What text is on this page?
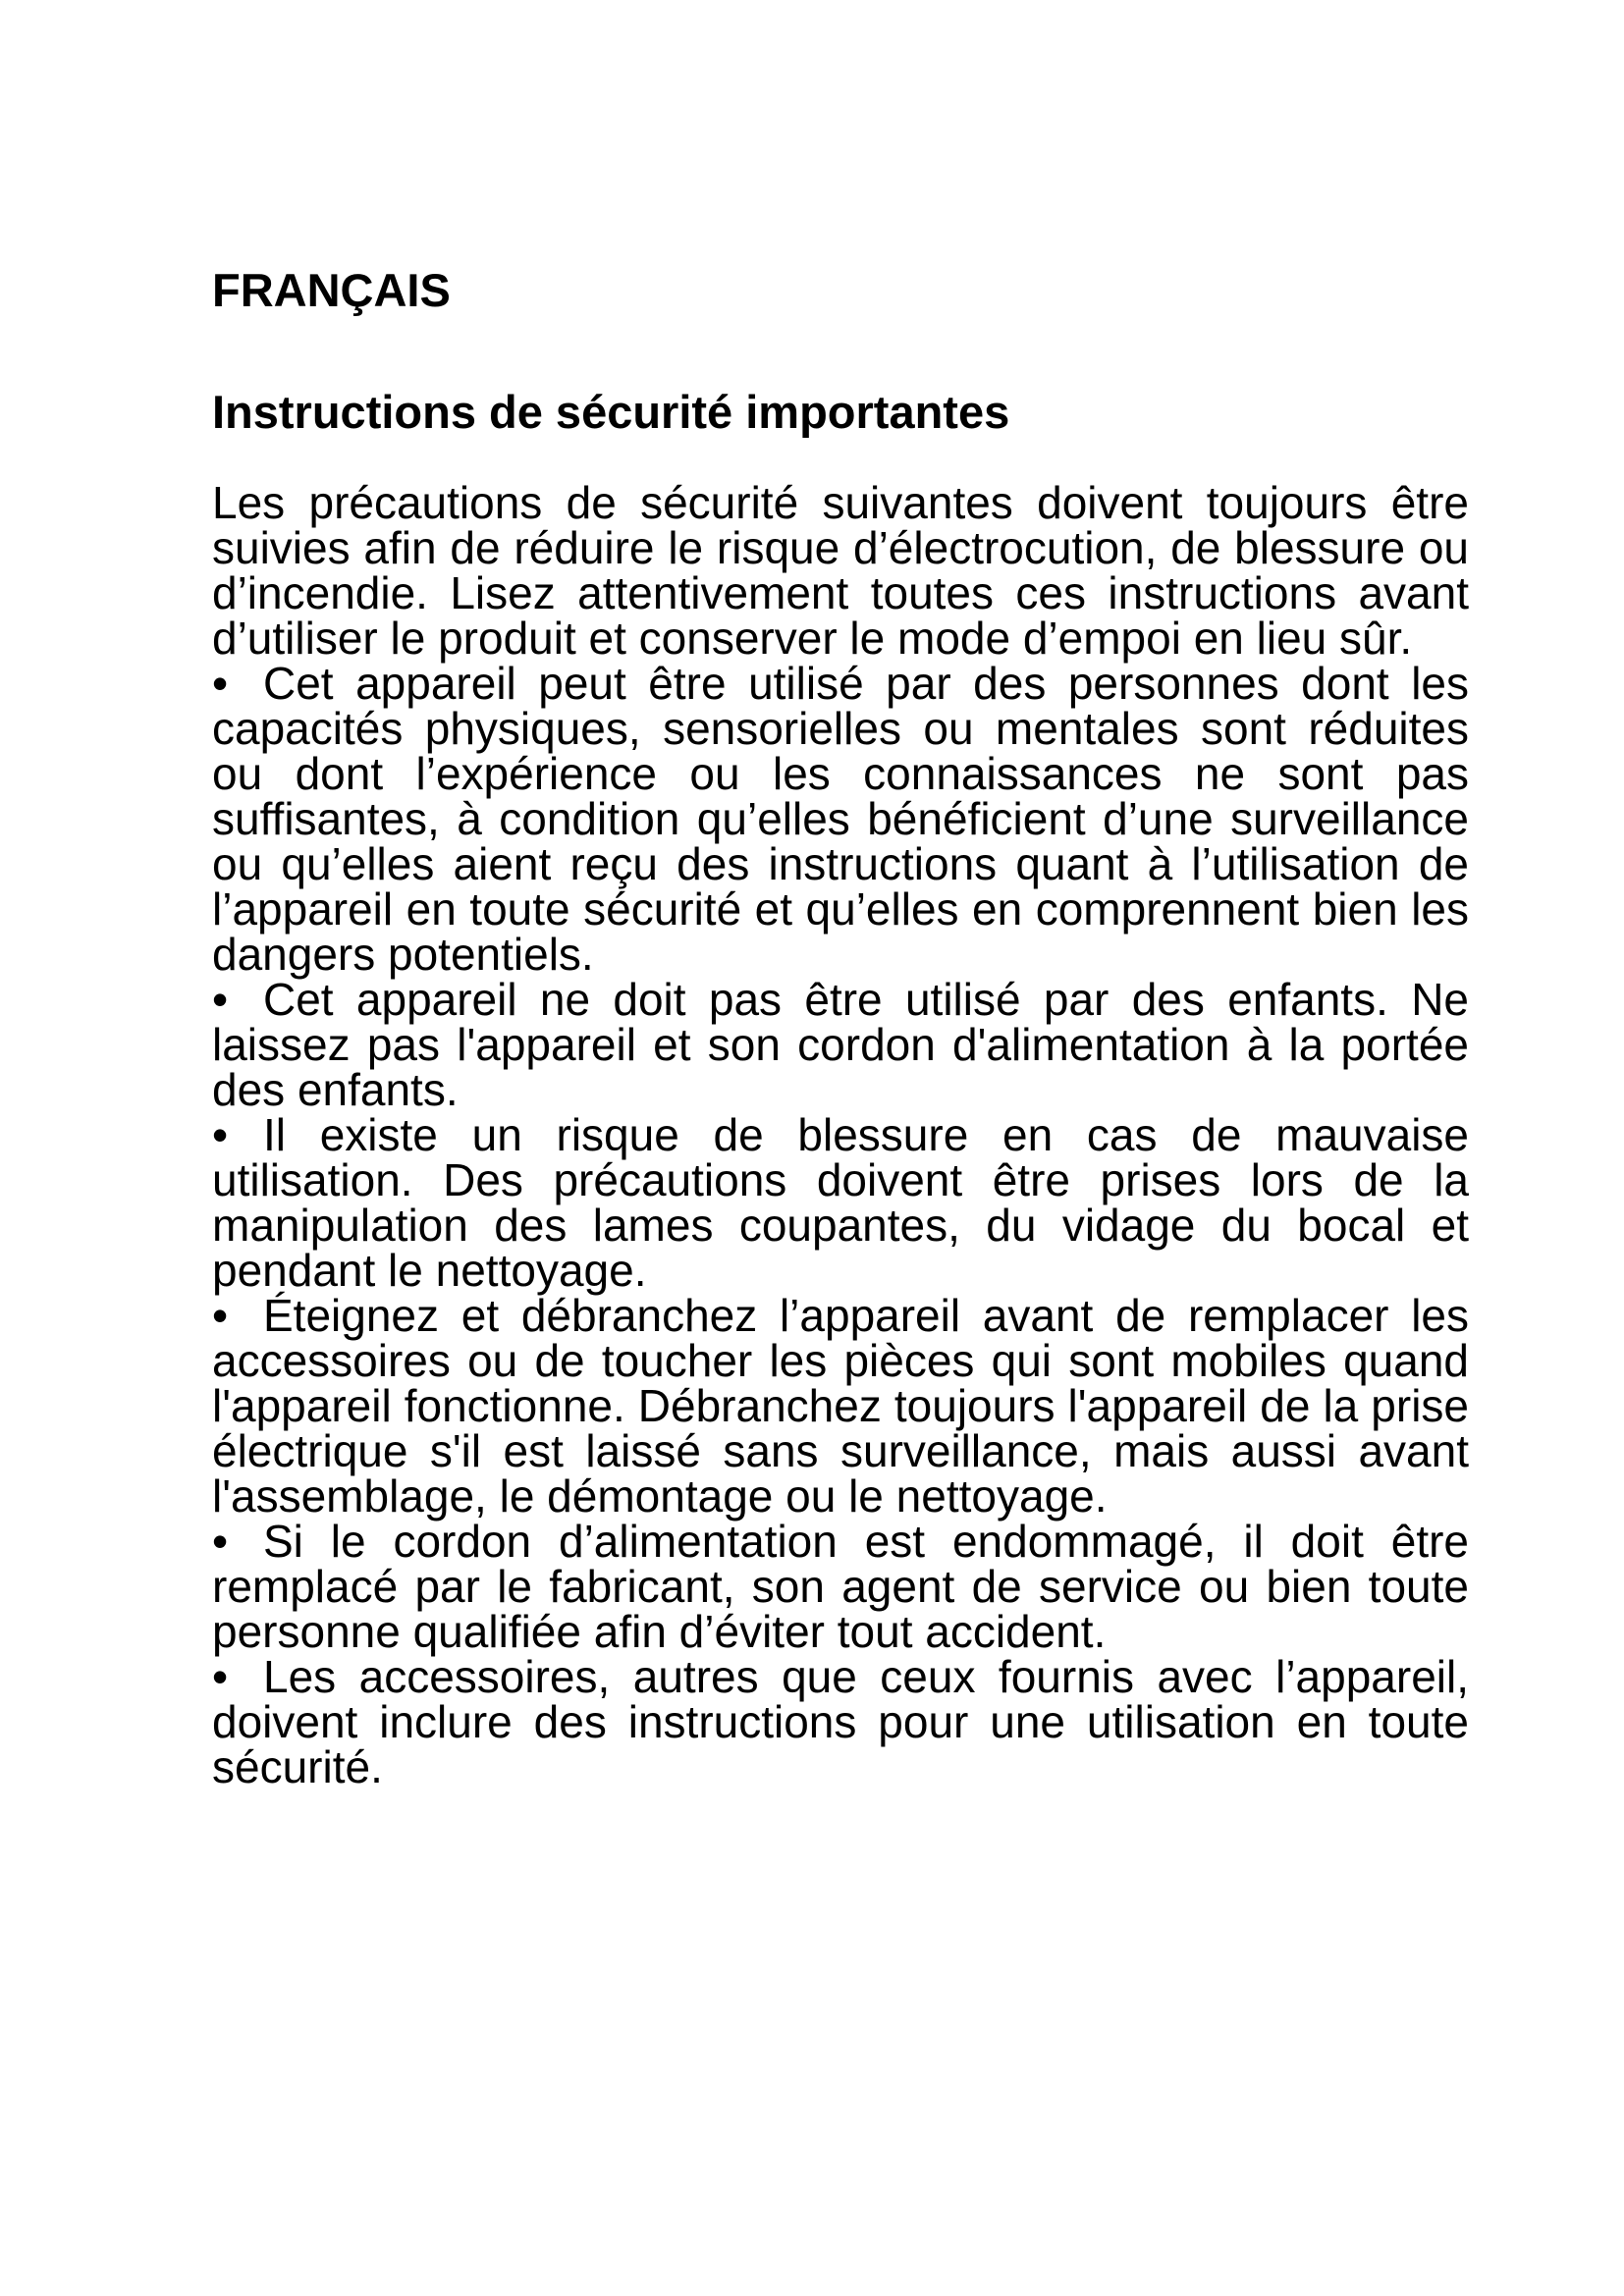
FRANÇAIS
Instructions de sécurité importantes

Les précautions de sécurité suivantes doivent toujours être suivies afin de réduire le risque d’électrocution, de blessure ou d’incendie. Lisez attentivement toutes ces instructions avant d’utiliser le produit et conserver le mode d’empoi en lieu sûr.

• Cet appareil peut être utilisé par des personnes dont les capacités physiques, sensorielles ou mentales sont réduites ou dont l’expérience ou les connaissances ne sont pas suffisantes, à condition qu’elles bénéficient d’une surveillance ou qu’elles aient reçu des instructions quant à l’utilisation de l’appareil en toute sécurité et qu’elles en comprennent bien les dangers potentiels.
• Cet appareil ne doit pas être utilisé par des enfants. Ne laissez pas l'appareil et son cordon d'alimentation à la portée des enfants.
• Il existe un risque de blessure en cas de mauvaise utilisation. Des précautions doivent être prises lors de la manipulation des lames coupantes, du vidage du bocal et pendant le nettoyage.
• Éteignez et débranchez l’appareil avant de remplacer les accessoires ou de toucher les pièces qui sont mobiles quand l'appareil fonctionne. Débranchez toujours l'appareil de la prise électrique s'il est laissé sans surveillance, mais aussi avant l'assemblage, le démontage ou le nettoyage.
• Si le cordon d’alimentation est endommagé, il doit être remplacé par le fabricant, son agent de service ou bien toute personne qualifiée afin d’éviter tout accident.
• Les accessoires, autres que ceux fournis avec l’appareil, doivent inclure des instructions pour une utilisation en toute sécurité.
